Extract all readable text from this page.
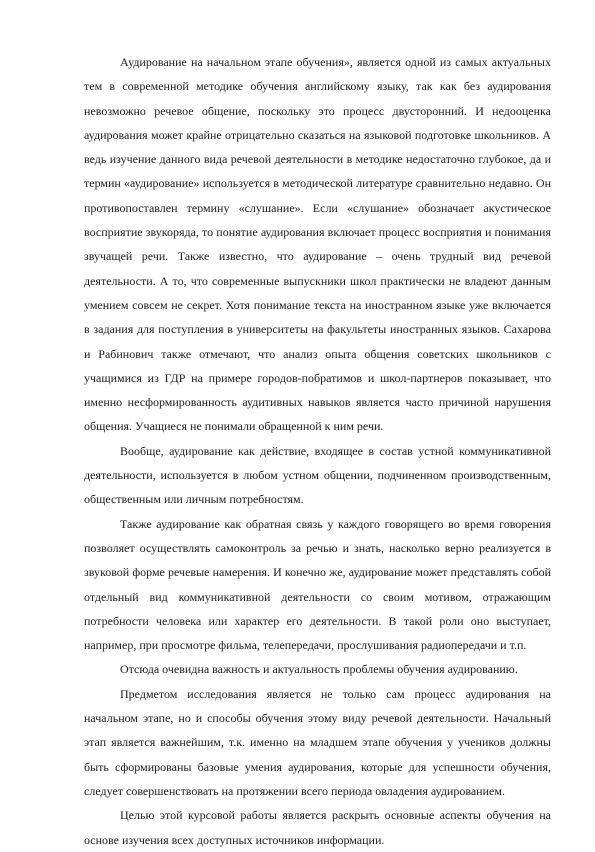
Аудирование на начальном этапе обучения», является одной из самых актуальных тем в современной методике обучения английскому языку, так как без аудирования невозможно речевое общение, поскольку это процесс двусторонний. И недооценка аудирования может крайне отрицательно сказаться на языковой подготовке школьников. А ведь изучение данного вида речевой деятельности в методике недостаточно глубокое, да и термин «аудирование» используется в методической литературе сравнительно недавно. Он противопоставлен термину «слушание». Если «слушание» обозначает акустическое восприятие звукоряда, то понятие аудирования включает процесс восприятия и понимания звучащей речи. Также известно, что аудирование – очень трудный вид речевой деятельности. А то, что современные выпускники школ практически не владеют данным умением совсем не секрет. Хотя понимание текста на иностранном языке уже включается в задания для поступления в университеты на факультеты иностранных языков. Сахарова и Рабинович также отмечают, что анализ опыта общения советских школьников с учащимися из ГДР на примере городов-побратимов и школ-партнеров показывает, что именно несформированность аудитивных навыков является часто причиной нарушения общения. Учащиеся не понимали обращенной к ним речи.

Вообще, аудирование как действие, входящее в состав устной коммуникативной деятельности, используется в любом устном общении, подчиненном производственным, общественным или личным потребностям.

Также аудирование как обратная связь у каждого говорящего во время говорения позволяет осуществлять самоконтроль за речью и знать, насколько верно реализуется в звуковой форме речевые намерения. И конечно же, аудирование может представлять собой отдельный вид коммуникативной деятельности со своим мотивом, отражающим потребности человека или характер его деятельности. В такой роли оно выступает, например, при просмотре фильма, телепередачи, прослушивания радиопередачи и т.п.

Отсюда очевидна важность и актуальность проблемы обучения аудированию.

Предметом исследования является не только сам процесс аудирования на начальном этапе, но и способы обучения этому виду речевой деятельности. Начальный этап является важнейшим, т.к. именно на младшем этапе обучения у учеников должны быть сформированы базовые умения аудирования, которые для успешности обучения, следует совершенствовать на протяжении всего периода овладения аудированием.

Целью этой курсовой работы является раскрыть основные аспекты обучения на основе изучения всех доступных источников информации.
